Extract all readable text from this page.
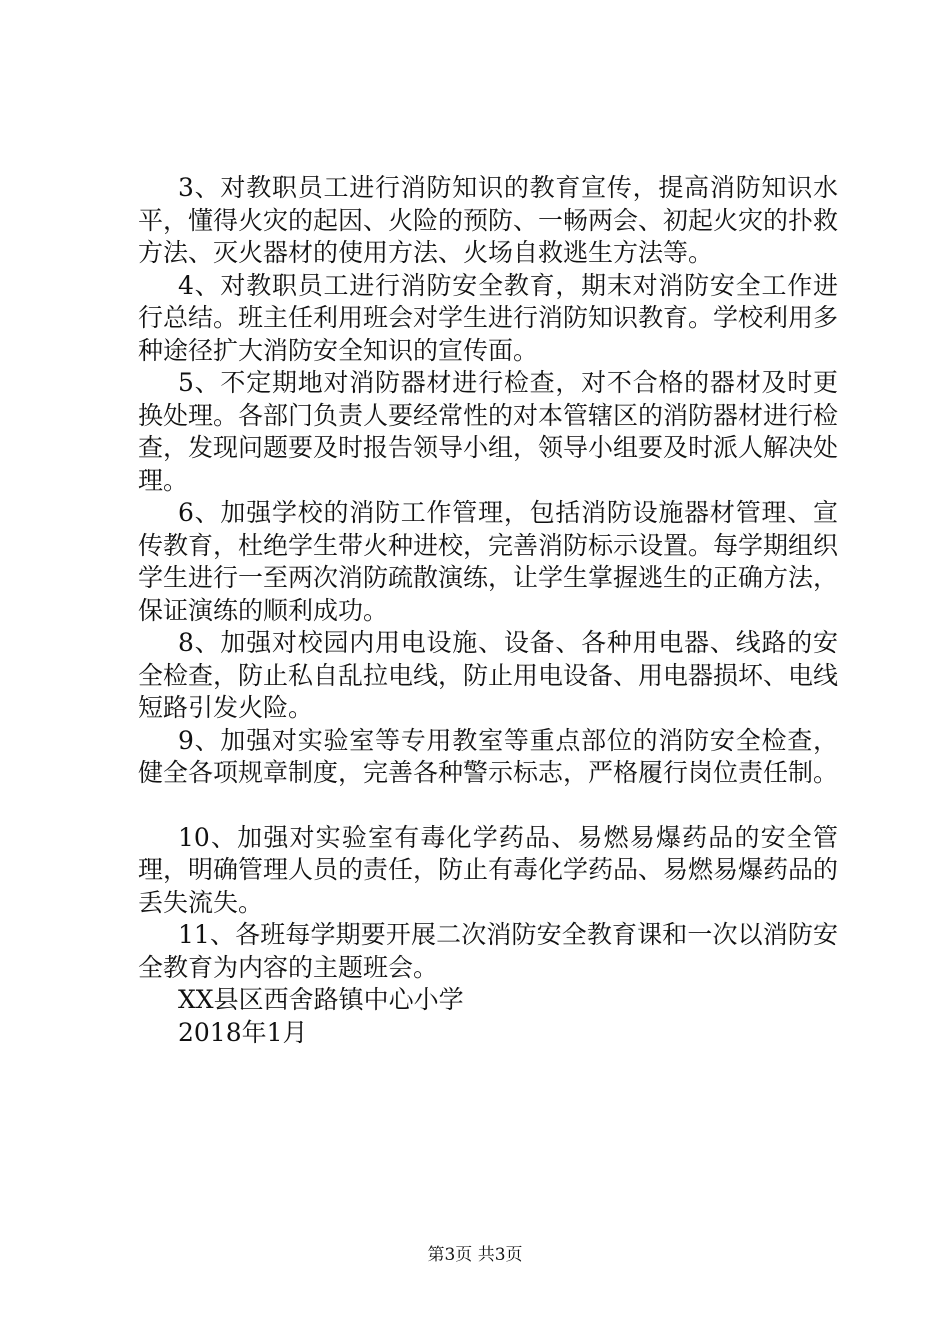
3、对教职员工进行消防知识的教育宣传，提高消防知识水平，懂得火灾的起因、火险的预防、一畅两会、初起火灾的扑救方法、灭火器材的使用方法、火场自救逃生方法等。

4、对教职员工进行消防安全教育，期末对消防安全工作进行总结。班主任利用班会对学生进行消防知识教育。学校利用多种途径扩大消防安全知识的宣传面。

5、不定期地对消防器材进行检查，对不合格的器材及时更换处理。各部门负责人要经常性的对本管辖区的消防器材进行检查，发现问题要及时报告领导小组，领导小组要及时派人解决处理。

6、加强学校的消防工作管理，包括消防设施器材管理、宣传教育，杜绝学生带火种进校，完善消防标示设置。每学期组织学生进行一至两次消防疏散演练，让学生掌握逃生的正确方法，保证演练的顺利成功。

8、加强对校园内用电设施、设备、各种用电器、线路的安全检查，防止私自乱拉电线，防止用电设备、用电器损坏、电线短路引发火险。

9、加强对实验室等专用教室等重点部位的消防安全检查，健全各项规章制度，完善各种警示标志，严格履行岗位责任制。

10、加强对实验室有毒化学药品、易燃易爆药品的安全管理，明确管理人员的责任，防止有毒化学药品、易燃易爆药品的丢失流失。

11、各班每学期要开展二次消防安全教育课和一次以消防安全教育为内容的主题班会。

XX县区西舍路镇中心小学

2018年1月

第3页 共3页
